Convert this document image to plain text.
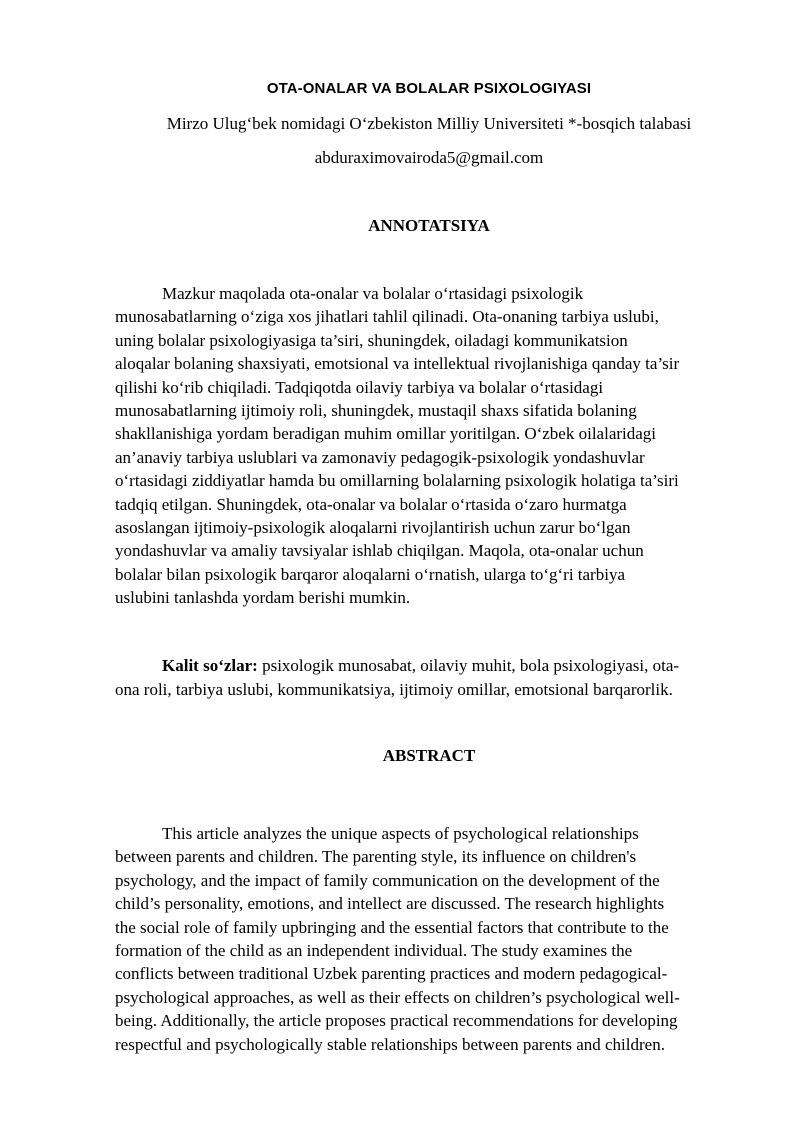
OTA-ONALAR VA BOLALAR PSIXOLOGIYASI
Mirzo Ulug‘bek nomidagi O‘zbekiston Milliy Universiteti *-bosqich talabasi
abduraximovairoda5@gmail.com
ANNOTATSIYA
Mazkur maqolada ota-onalar va bolalar o‘rtasidagi psixologik
munosabatlarning o‘ziga xos jihatlari tahlil qilinadi. Ota-onaning tarbiya uslubi,
uning bolalar psixologiyasiga ta’siri, shuningdek, oiladagi kommunikatsion
aloqalar bolaning shaxsiyati, emotsional va intellektual rivojlanishiga qanday ta’sir
qilishi ko‘rib chiqiladi. Tadqiqotda oilaviy tarbiya va bolalar o‘rtasidagi
munosabatlarning ijtimoiy roli, shuningdek, mustaqil shaxs sifatida bolaning
shakllanishiga yordam beradigan muhim omillar yoritilgan. O‘zbek oilalaridagi
an’anaviy tarbiya uslublari va zamonaviy pedagogik-psixologik yondashuvlar
o‘rtasidagi ziddiyatlar hamda bu omillarning bolalarning psixologik holatiga ta’siri
tadqiq etilgan. Shuningdek, ota-onalar va bolalar o‘rtasida o‘zaro hurmatga
asoslangan ijtimoiy-psixologik aloqalarni rivojlantirish uchun zarur bo‘lgan
yondashuvlar va amaliy tavsiyalar ishlab chiqilgan. Maqola, ota-onalar uchun
bolalar bilan psixologik barqaror aloqalarni o‘rnatish, ularga to‘g‘ri tarbiya
uslubini tanlashda yordam berishi mumkin.
Kalit so‘zlar: psixologik munosabat, oilaviy muhit, bola psixologiyasi, ota-
ona roli, tarbiya uslubi, kommunikatsiya, ijtimoiy omillar, emotsional barqarorlik.
ABSTRACT
This article analyzes the unique aspects of psychological relationships
between parents and children. The parenting style, its influence on children's
psychology, and the impact of family communication on the development of the
child’s personality, emotions, and intellect are discussed. The research highlights
the social role of family upbringing and the essential factors that contribute to the
formation of the child as an independent individual. The study examines the
conflicts between traditional Uzbek parenting practices and modern pedagogical-
psychological approaches, as well as their effects on children’s psychological well-
being. Additionally, the article proposes practical recommendations for developing
respectful and psychologically stable relationships between parents and children.
